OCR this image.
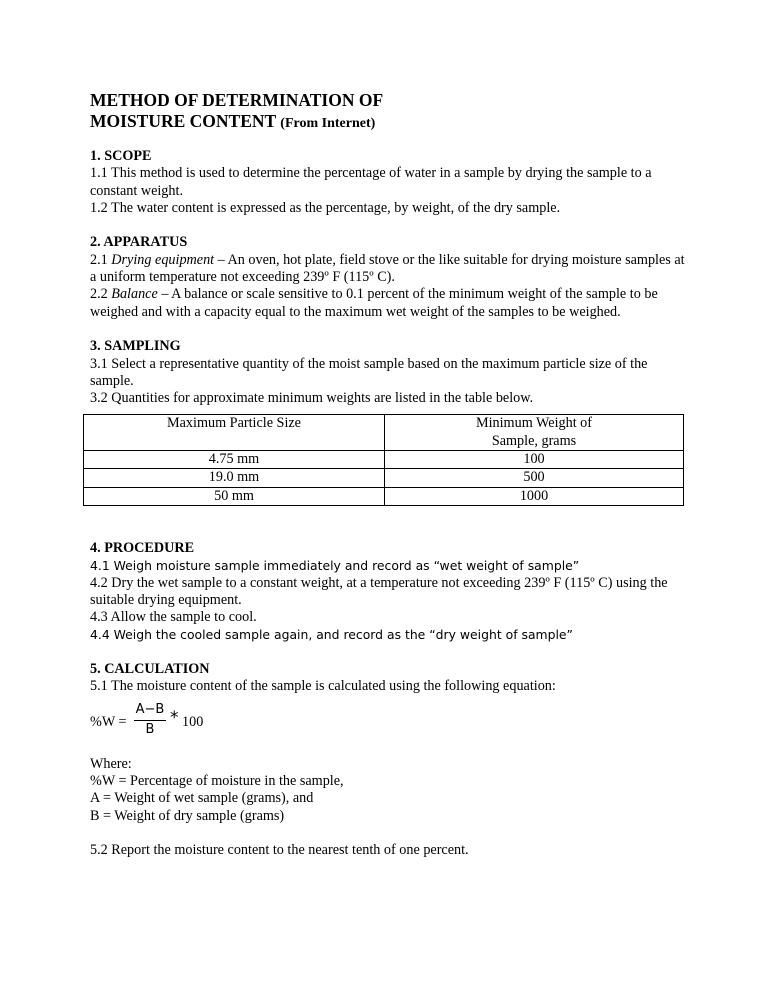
METHOD OF DETERMINATION OF
MOISTURE CONTENT (From Internet)

1. SCOPE

1.1 This method is used to determine the percentage of water in a sample by drying the sample to a constant weight.

1.2 The water content is expressed as the percentage, by weight, of the dry sample.

2. APPARATUS

2.1 Drying equipment – An oven, hot plate, field stove or the like suitable for drying moisture samples at a uniform temperature not exceeding 239º F (115º C).

2.2 Balance – A balance or scale sensitive to 0.1 percent of the minimum weight of the sample to be weighed and with a capacity equal to the maximum wet weight of the samples to be weighed.

3. SAMPLING

3.1 Select a representative quantity of the moist sample based on the maximum particle size of the sample.

3.2 Quantities for approximate minimum weights are listed in the table below.

Maximum Particle Size	Minimum Weight of Sample, grams

4.75 mm	100
19.0 mm	500
50 mm	1000

4. PROCEDURE

4.1 Weigh moisture sample immediately and record as “wet weight of sample”

4.2 Dry the wet sample to a constant weight, at a temperature not exceeding 239º F (115º C) using the suitable drying equipment.

4.3 Allow the sample to cool.

4.4 Weigh the cooled sample again, and record as the “dry weight of sample”

5. CALCULATION

5.1 The moisture content of the sample is calculated using the following equation:

$\%W = \frac{A-B}{B} * 100$

Where:

%W = Percentage of moisture in the sample,

A = Weight of wet sample (grams), and

B = Weight of dry sample (grams)

5.2 Report the moisture content to the nearest tenth of one percent.
